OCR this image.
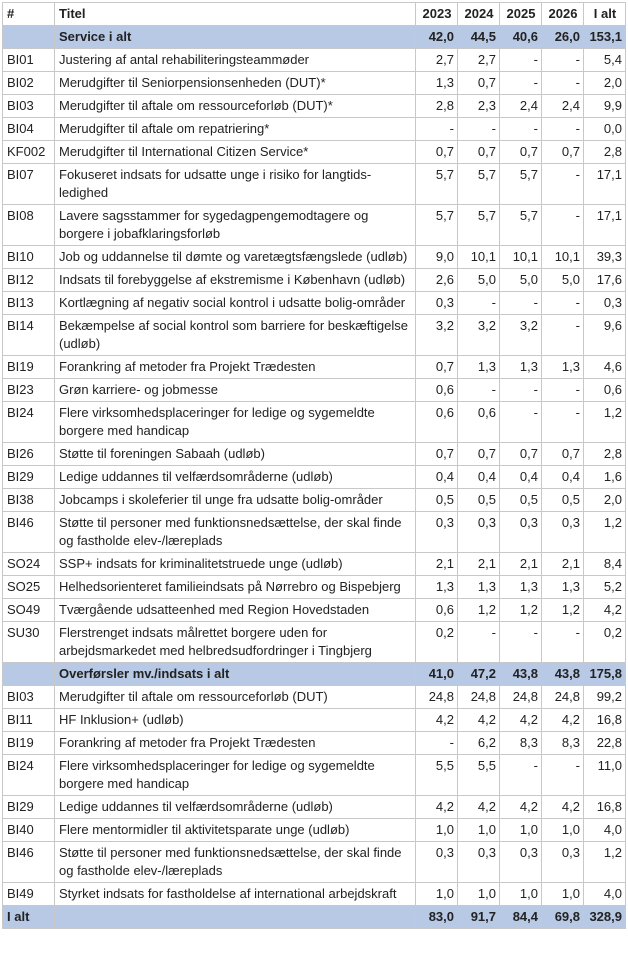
#	Titel	2023	2024	2025	2026	I alt
	Service i alt	42,0	44,5	40,6	26,0	153,1
BI01	Justering af antal rehabiliteringsteammøder	2,7	2,7	-	-	5,4
BI02	Merudgifter til Seniorpensionsenheden (DUT)*	1,3	0,7	-	-	2,0
BI03	Merudgifter til aftale om ressourceforløb (DUT)*	2,8	2,3	2,4	2,4	9,9
BI04	Merudgifter til aftale om repatriering*	-	-	-	-	0,0
KF002	Merudgifter til International Citizen Service*	0,7	0,7	0,7	0,7	2,8
BI07	Fokuseret indsats for udsatte unge i risiko for langtids-ledighed	5,7	5,7	5,7	-	17,1
BI08	Lavere sagsstammer for sygedagpengemodtagere og borgere i jobafklaringsforløb	5,7	5,7	5,7	-	17,1
BI10	Job og uddannelse til dømte og varetægtsfængslede (udløb)	9,0	10,1	10,1	10,1	39,3
BI12	Indsats til forebyggelse af ekstremisme i København (udløb)	2,6	5,0	5,0	5,0	17,6
BI13	Kortlægning af negativ social kontrol i udsatte bolig-områder	0,3	-	-	-	0,3
BI14	Bekæmpelse af social kontrol som barriere for beskæftigelse (udløb)	3,2	3,2	3,2	-	9,6
BI19	Forankring af metoder fra Projekt Trædesten	0,7	1,3	1,3	1,3	4,6
BI23	Grøn karriere- og jobmesse	0,6	-	-	-	0,6
BI24	Flere virksomhedsplaceringer for ledige og sygemeldte borgere med handicap	0,6	0,6	-	-	1,2
BI26	Støtte til foreningen Sabaah (udløb)	0,7	0,7	0,7	0,7	2,8
BI29	Ledige uddannes til velfærdsområderne (udløb)	0,4	0,4	0,4	0,4	1,6
BI38	Jobcamps i skoleferier til unge fra udsatte bolig-områder	0,5	0,5	0,5	0,5	2,0
BI46	Støtte til personer med funktionsnedsættelse, der skal finde og fastholde elev-/læreplads	0,3	0,3	0,3	0,3	1,2
SO24	SSP+ indsats for kriminalitetstruede unge (udløb)	2,1	2,1	2,1	2,1	8,4
SO25	Helhedsorienteret familieindsats på Nørrebro og Bispebjerg	1,3	1,3	1,3	1,3	5,2
SO49	Tværgående udsatteenhed med Region Hovedstaden	0,6	1,2	1,2	1,2	4,2
SU30	Flerstrenget indsats målrettet borgere uden for arbejdsmarkedet med helbredsudfordringer i Tingbjerg	0,2	-	-	-	0,2
	Overførsler mv./indsats i alt	41,0	47,2	43,8	43,8	175,8
BI03	Merudgifter til aftale om ressourceforløb (DUT)	24,8	24,8	24,8	24,8	99,2
BI11	HF Inklusion+ (udløb)	4,2	4,2	4,2	4,2	16,8
BI19	Forankring af metoder fra Projekt Trædesten	-	6,2	8,3	8,3	22,8
BI24	Flere virksomhedsplaceringer for ledige og sygemeldte borgere med handicap	5,5	5,5	-	-	11,0
BI29	Ledige uddannes til velfærdsområderne (udløb)	4,2	4,2	4,2	4,2	16,8
BI40	Flere mentormidler til aktivitetsparate unge (udløb)	1,0	1,0	1,0	1,0	4,0
BI46	Støtte til personer med funktionsnedsættelse, der skal finde og fastholde elev-/læreplads	0,3	0,3	0,3	0,3	1,2
BI49	Styrket indsats for fastholdelse af international arbejdskraft	1,0	1,0	1,0	1,0	4,0
I alt		83,0	91,7	84,4	69,8	328,9
